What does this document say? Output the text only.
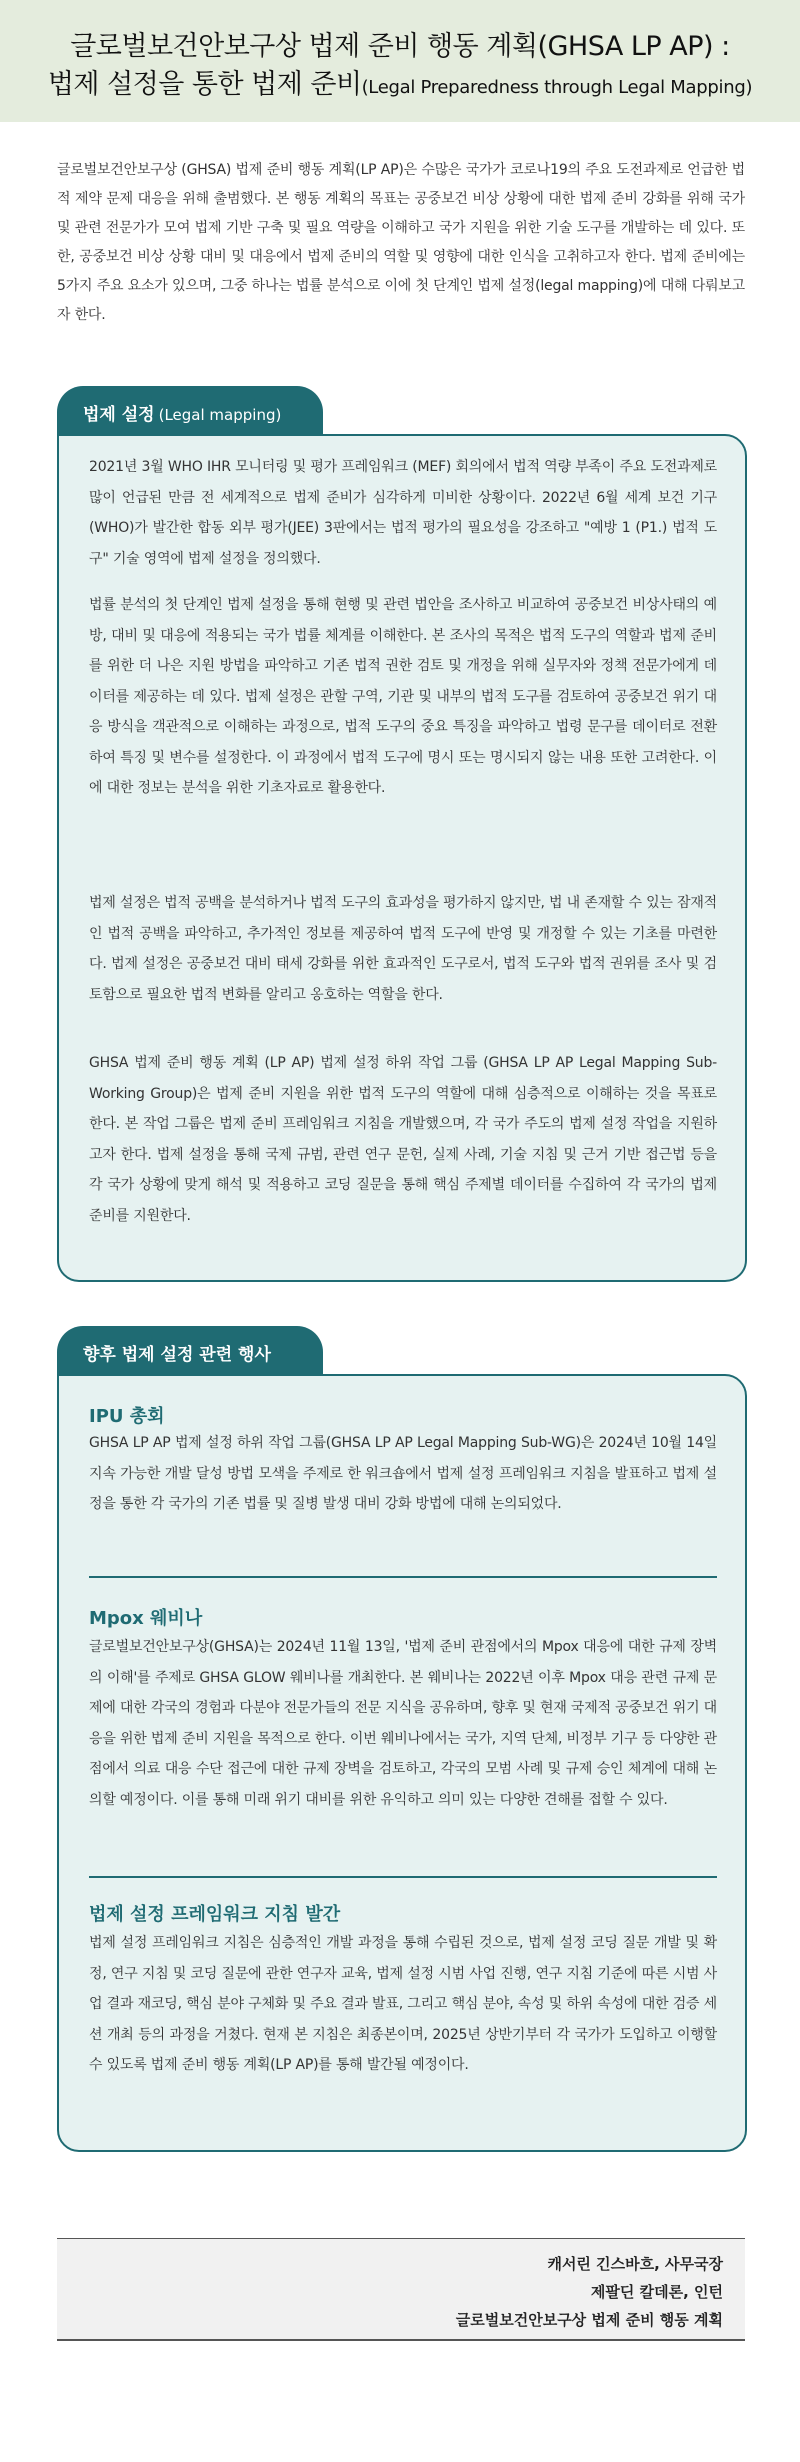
글로벌보건안보구상 법제 준비 행동 계획(GHSA LP AP) :
법제 설정을 통한 법제 준비(Legal Preparedness through Legal Mapping)

글로벌보건안보구상 (GHSA) 법제 준비 행동 계획(LP AP)은 수많은 국가가 코로나19의 주요 도전과제로 언급한 법적 제약 문제 대응을 위해 출범했다. 본 행동 계획의 목표는 공중보건 비상 상황에 대한 법제 준비 강화를 위해 국가 및 관련 전문가가 모여 법제 기반 구축 및 필요 역량을 이해하고 국가 지원을 위한 기술 도구를 개발하는 데 있다. 또한, 공중보건 비상 상황 대비 및 대응에서 법제 준비의 역할 및 영향에 대한 인식을 고취하고자 한다. 법제 준비에는 5가지 주요 요소가 있으며, 그중 하나는 법률 분석으로 이에 첫 단계인 법제 설정(legal mapping)에 대해 다뤄보고자 한다.

법제 설정 (Legal mapping)

2021년 3월 WHO IHR 모니터링 및 평가 프레임워크 (MEF) 회의에서 법적 역량 부족이 주요 도전과제로 많이 언급된 만큼 전 세계적으로 법제 준비가 심각하게 미비한 상황이다. 2022년 6월 세계 보건 기구(WHO)가 발간한 합동 외부 평가(JEE) 3판에서는 법적 평가의 필요성을 강조하고 "예방 1 (P1.) 법적 도구" 기술 영역에 법제 설정을 정의했다.

법률 분석의 첫 단계인 법제 설정을 통해 현행 및 관련 법안을 조사하고 비교하여 공중보건 비상사태의 예방, 대비 및 대응에 적용되는 국가 법률 체계를 이해한다. 본 조사의 목적은 법적 도구의 역할과 법제 준비를 위한 더 나은 지원 방법을 파악하고 기존 법적 권한 검토 및 개정을 위해 실무자와 정책 전문가에게 데이터를 제공하는 데 있다. 법제 설정은 관할 구역, 기관 및 내부의 법적 도구를 검토하여 공중보건 위기 대응 방식을 객관적으로 이해하는 과정으로, 법적 도구의 중요 특징을 파악하고 법령 문구를 데이터로 전환하여 특징 및 변수를 설정한다. 이 과정에서 법적 도구에 명시 또는 명시되지 않는 내용 또한 고려한다. 이에 대한 정보는 분석을 위한 기초자료로 활용한다.

법제 설정은 법적 공백을 분석하거나 법적 도구의 효과성을 평가하지 않지만, 법 내 존재할 수 있는 잠재적인 법적 공백을 파악하고, 추가적인 정보를 제공하여 법적 도구에 반영 및 개정할 수 있는 기초를 마련한다. 법제 설정은 공중보건 대비 태세 강화를 위한 효과적인 도구로서, 법적 도구와 법적 권위를 조사 및 검토함으로 필요한 법적 변화를 알리고 옹호하는 역할을 한다.

GHSA 법제 준비 행동 계획 (LP AP) 법제 설정 하위 작업 그룹 (GHSA LP AP Legal Mapping Sub-Working Group)은 법제 준비 지원을 위한 법적 도구의 역할에 대해 심층적으로 이해하는 것을 목표로 한다. 본 작업 그룹은 법제 준비 프레임워크 지침을 개발했으며, 각 국가 주도의 법제 설정 작업을 지원하고자 한다. 법제 설정을 통해 국제 규범, 관련 연구 문헌, 실제 사례, 기술 지침 및 근거 기반 접근법 등을 각 국가 상황에 맞게 해석 및 적용하고 코딩 질문을 통해 핵심 주제별 데이터를 수집하여 각 국가의 법제 준비를 지원한다.

향후 법제 설정 관련 행사
IPU 총회

GHSA LP AP 법제 설정 하위 작업 그룹(GHSA LP AP Legal Mapping Sub-WG)은 2024년 10월 14일 지속 가능한 개발 달성 방법 모색을 주제로 한 워크숍에서 법제 설정 프레임워크 지침을 발표하고 법제 설정을 통한 각 국가의 기존 법률 및 질병 발생 대비 강화 방법에 대해 논의되었다.

Mpox 웨비나

글로벌보건안보구상(GHSA)는 2024년 11월 13일, '법제 준비 관점에서의 Mpox 대응에 대한 규제 장벽의 이해'를 주제로 GHSA GLOW 웨비나를 개최한다. 본 웨비나는 2022년 이후 Mpox 대응 관련 규제 문제에 대한 각국의 경험과 다분야 전문가들의 전문 지식을 공유하며, 향후 및 현재 국제적 공중보건 위기 대응을 위한 법제 준비 지원을 목적으로 한다. 이번 웨비나에서는 국가, 지역 단체, 비정부 기구 등 다양한 관점에서 의료 대응 수단 접근에 대한 규제 장벽을 검토하고, 각국의 모범 사례 및 규제 승인 체계에 대해 논의할 예정이다. 이를 통해 미래 위기 대비를 위한 유익하고 의미 있는 다양한 견해를 접할 수 있다.

법제 설정 프레임워크 지침 발간

법제 설정 프레임워크 지침은 심층적인 개발 과정을 통해 수립된 것으로, 법제 설정 코딩 질문 개발 및 확정, 연구 지침 및 코딩 질문에 관한 연구자 교육, 법제 설정 시범 사업 진행, 연구 지침 기준에 따른 시범 사업 결과 재코딩, 핵심 분야 구체화 및 주요 결과 발표, 그리고 핵심 분야, 속성 및 하위 속성에 대한 검증 세션 개최 등의 과정을 거쳤다. 현재 본 지침은 최종본이며, 2025년 상반기부터 각 국가가 도입하고 이행할 수 있도록 법제 준비 행동 계획(LP AP)를 통해 발간될 예정이다.

캐서린 긴스바흐, 사무국장
제팔딘 칼데론, 인턴
글로벌보건안보구상 법제 준비 행동 계획
